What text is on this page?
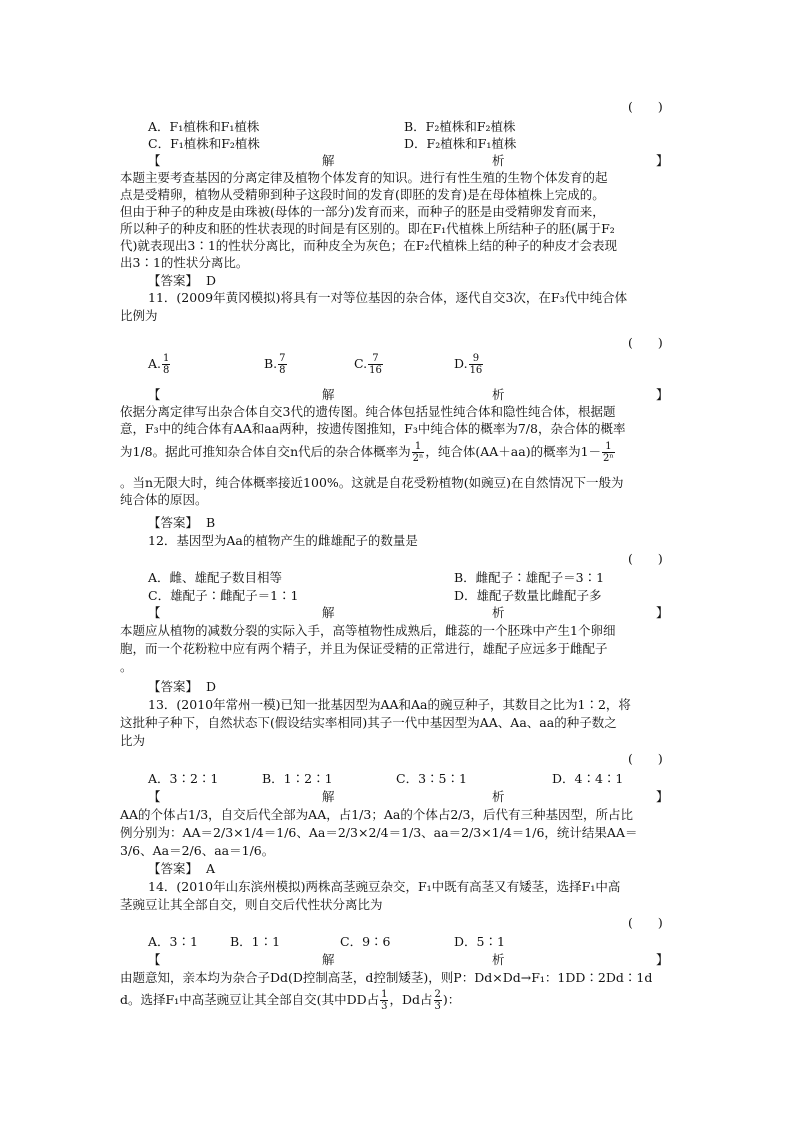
(　　)
A．F₁植株和F₁植株	B．F₂植株和F₂植株
C．F₁植株和F₂植株	D．F₂植株和F₁植株
【	解	析	】
本题主要考查基因的分离定律及植物个体发育的知识。进行有性生殖的生物个体发育的起
点是受精卵，植物从受精卵到种子这段时间的发育(即胚的发育)是在母体植株上完成的。
但由于种子的种皮是由珠被(母体的一部分)发育而来，而种子的胚是由受精卵发育而来，
所以种子的种皮和胚的性状表现的时间是有区别的。即在F₁代植株上所结种子的胚(属于F₂
代)就表现出3∶1的性状分离比，而种皮全为灰色；在F₂代植株上结的种子的种皮才会表现
出3∶1的性状分离比。
【答案】 D
11．(2009年黄冈模拟)将具有一对等位基因的杂合体，逐代自交3次，在F₃代中纯合体
比例为
(　　)
A. $\frac{1}{8}$	B. $\frac{7}{8}$	C. $\frac{7}{16}$	D. $\frac{9}{16}$
【	解	析	】
依据分离定律写出杂合体自交3代的遗传图。纯合体包括显性纯合体和隐性纯合体，根据题
意，F₃中的纯合体有AA和aa两种，按遗传图推知，F₃中纯合体的概率为7/8，杂合体的概率
为1/8。据此可推知杂合体自交n代后的杂合体概率为 $\frac{1}{\text{2ⁿ}}$ ，纯合体(AA＋aa)的概率为$1- \frac{1}{\text{2ⁿ}}$
。当n无限大时，纯合体概率接近100%。这就是自花受粉植物(如豌豆)在自然情况下一般为
纯合体的原因。
【答案】 B
12．基因型为Aa的植物产生的雌雄配子的数量是
(　　)
A．雌、雄配子数目相等	B．雌配子∶雄配子＝3∶1
C．雄配子∶雌配子＝1∶1	D．雄配子数量比雌配子多
【	解	析	】
本题应从植物的减数分裂的实际入手，高等植物性成熟后，雌蕊的一个胚珠中产生1个卵细
胞，而一个花粉粒中应有两个精子，并且为保证受精的正常进行，雄配子应远多于雌配子
。
【答案】 D
13．(2010年常州一模)已知一批基因型为AA和Aa的豌豆种子，其数目之比为1∶2，将
这批种子种下，自然状态下(假设结实率相同)其子一代中基因型为AA、Aa、aa的种子数之
比为
(　　)
A．3∶2∶1	B．1∶2∶1	C．3∶5∶1	D．4∶4∶1
【	解	析	】
AA的个体占1/3，自交后代全部为AA，占1/3；Aa的个体占2/3，后代有三种基因型，所占比
例分别为：AA＝2/3×1/4＝1/6、Aa＝2/3×2/4＝1/3、aa＝2/3×1/4＝1/6，统计结果AA＝
3/6、Aa＝2/6、aa＝1/6。
【答案】 A
14．(2010年山东滨州模拟)两株高茎豌豆杂交，F₁中既有高茎又有矮茎，选择F₁中高
茎豌豆让其全部自交，则自交后代性状分离比为
(　　)
A．3∶1	B．1∶1	C．9∶6	D．5∶1
【	解	析	】
由题意知，亲本均为杂合子Dd(D控制高茎，d控制矮茎)，则P：Dd×Dd→F₁：1DD∶2Dd∶1d
d。选择F₁中高茎豌豆让其全部自交(其中DD占 $\frac{1}{3}$ ，Dd占 $\frac{2}{3}$ )：
